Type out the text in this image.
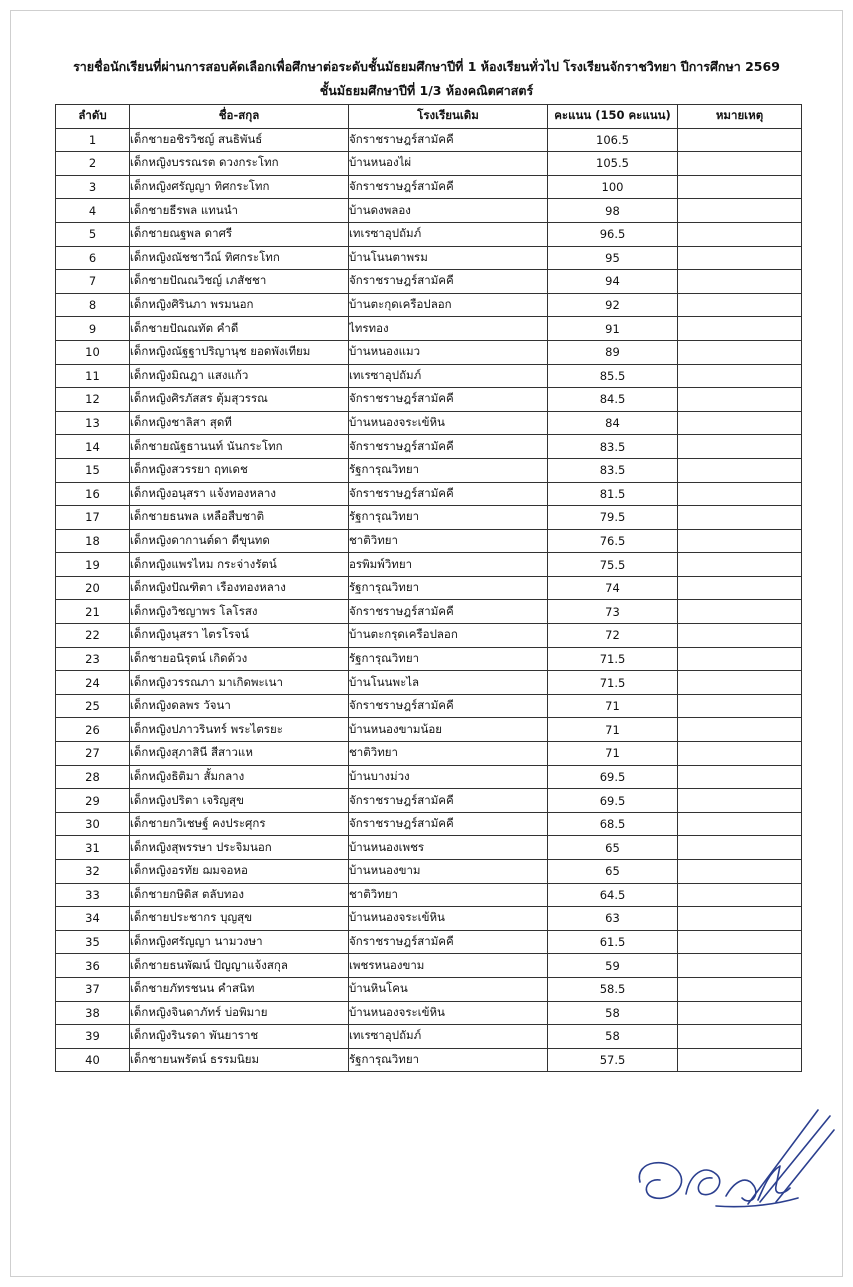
รายชื่อนักเรียนที่ผ่านการสอบคัดเลือกเพื่อศึกษาต่อระดับชั้นมัธยมศึกษาปีที่ 1 ห้องเรียนทั่วไป โรงเรียนจักราชวิทยา ปีการศึกษา 2569
ชั้นมัธยมศึกษาปีที่ 1/3 ห้องคณิตศาสตร์
ลำดับ	ชื่อ-สกุล	โรงเรียนเดิม	คะแนน (150 คะแนน)	หมายเหตุ
1	เด็กชายอชิรวิชญ์ สนธิพันธ์	จักราชราษฎร์สามัคคี	106.5	
2	เด็กหญิงบรรณรต ดวงกระโทก	บ้านหนองไผ่	105.5	
3	เด็กหญิงศรัญญา ทิศกระโทก	จักราชราษฎร์สามัคคี	100	
4	เด็กชายธีรพล แทนนำ	บ้านดงพลอง	98	
5	เด็กชายณฐพล ดาศรี	เทเรซาอุปถัมภ์	96.5	
6	เด็กหญิงณัชชาวีณ์ ทิศกระโทก	บ้านโนนตาพรม	95	
7	เด็กชายปัณณวิชญ์ เภสัชชา	จักราชราษฎร์สามัคคี	94	
8	เด็กหญิงศิรินภา พรมนอก	บ้านตะกุดเครือปลอก	92	
9	เด็กชายปัณณทัต คำดี	ไทรทอง	91	
10	เด็กหญิงณัฐฐาปริญานุช ยอดพังเทียม	บ้านหนองแมว	89	
11	เด็กหญิงมิณฎา แสงแก้ว	เทเรซาอุปถัมภ์	85.5	
12	เด็กหญิงศิรภัสสร ตุ้มสุวรรณ	จักราชราษฎร์สามัคคี	84.5	
13	เด็กหญิงชาลิสา สุดที	บ้านหนองจระเข้หิน	84	
14	เด็กชายณัฐธานนท์ นันกระโทก	จักราชราษฎร์สามัคคี	83.5	
15	เด็กหญิงสวรรยา ฤทเดช	รัฐการุณวิทยา	83.5	
16	เด็กหญิงอนุสรา แจ้งทองหลาง	จักราชราษฎร์สามัคคี	81.5	
17	เด็กชายธนพล เหลือสืบชาติ	รัฐการุณวิทยา	79.5	
18	เด็กหญิงดากานต์ดา ดีขุนทด	ชาติวิทยา	76.5	
19	เด็กหญิงแพรไหม กระจ่างรัตน์	อรพิมพ์วิทยา	75.5	
20	เด็กหญิงปัณฑิตา เรืองทองหลาง	รัฐการุณวิทยา	74	
21	เด็กหญิงวิชญาพร โลโรสง	จักราชราษฎร์สามัคคี	73	
22	เด็กหญิงนุสรา ไตรโรจน์	บ้านตะกรุดเครือปลอก	72	
23	เด็กชายอนิรุตน์ เกิดด้วง	รัฐการุณวิทยา	71.5	
24	เด็กหญิงวรรณภา มาเกิดพะเนา	บ้านโนนพะไล	71.5	
25	เด็กหญิงดลพร วัจนา	จักราชราษฎร์สามัคคี	71	
26	เด็กหญิงปภาวรินทร์ พระไตรยะ	บ้านหนองขามน้อย	71	
27	เด็กหญิงสุภาสินี สีสาวแห	ชาติวิทยา	71	
28	เด็กหญิงธิติมา สั้มกลาง	บ้านบางม่วง	69.5	
29	เด็กหญิงปริตา เจริญสุข	จักราชราษฎร์สามัคคี	69.5	
30	เด็กชายกวิเชษฐ์ คงประศุกร	จักราชราษฎร์สามัคคี	68.5	
31	เด็กหญิงสุพรรษา ประจิมนอก	บ้านหนองเพชร	65	
32	เด็กหญิงอรทัย ฌมจอหอ	บ้านหนองขาม	65	
33	เด็กชายกษิดิส ตลับทอง	ชาติวิทยา	64.5	
34	เด็กชายประชากร บุญสุข	บ้านหนองจระเข้หิน	63	
35	เด็กหญิงศรัญญา นามวงษา	จักราชราษฎร์สามัคคี	61.5	
36	เด็กชายธนพัฒน์ ปัญญาแจ้งสกุล	เพชรหนองขาม	59	
37	เด็กชายภัทรชนน คำสนิท	บ้านหินโคน	58.5	
38	เด็กหญิงจินดาภัทร์ บ่อพิมาย	บ้านหนองจระเข้หิน	58	
39	เด็กหญิงรินรดา พันยาราช	เทเรซาอุปถัมภ์	58	
40	เด็กชายนพรัตน์ ธรรมนิยม	รัฐการุณวิทยา	57.5	
